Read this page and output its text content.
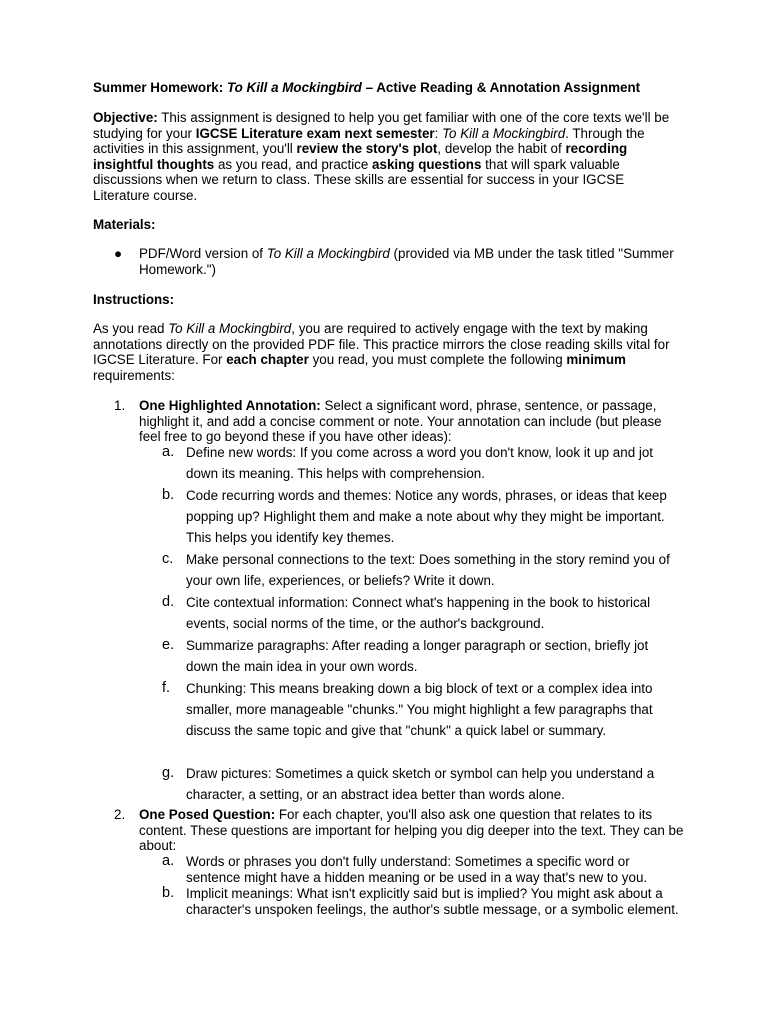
Summer Homework: To Kill a Mockingbird – Active Reading & Annotation Assignment

Objective: This assignment is designed to help you get familiar with one of the core texts we'll be studying for your IGCSE Literature exam next semester: To Kill a Mockingbird. Through the activities in this assignment, you'll review the story's plot, develop the habit of recording insightful thoughts as you read, and practice asking questions that will spark valuable discussions when we return to class. These skills are essential for success in your IGCSE Literature course.

Materials:

● PDF/Word version of To Kill a Mockingbird (provided via MB under the task titled "Summer Homework.")

Instructions:

As you read To Kill a Mockingbird, you are required to actively engage with the text by making annotations directly on the provided PDF file. This practice mirrors the close reading skills vital for IGCSE Literature. For each chapter you read, you must complete the following minimum requirements:

1. One Highlighted Annotation: Select a significant word, phrase, sentence, or passage, highlight it, and add a concise comment or note. Your annotation can include (but please feel free to go beyond these if you have other ideas):

a. Define new words: If you come across a word you don't know, look it up and jot down its meaning. This helps with comprehension.

b. Code recurring words and themes: Notice any words, phrases, or ideas that keep popping up? Highlight them and make a note about why they might be important. This helps you identify key themes.

c. Make personal connections to the text: Does something in the story remind you of your own life, experiences, or beliefs? Write it down.

d. Cite contextual information: Connect what's happening in the book to historical events, social norms of the time, or the author's background.

e. Summarize paragraphs: After reading a longer paragraph or section, briefly jot down the main idea in your own words.

f. Chunking: This means breaking down a big block of text or a complex idea into smaller, more manageable "chunks." You might highlight a few paragraphs that discuss the same topic and give that "chunk" a quick label or summary.

g. Draw pictures: Sometimes a quick sketch or symbol can help you understand a character, a setting, or an abstract idea better than words alone.

2. One Posed Question: For each chapter, you'll also ask one question that relates to its content. These questions are important for helping you dig deeper into the text. They can be about:

a. Words or phrases you don't fully understand: Sometimes a specific word or sentence might have a hidden meaning or be used in a way that's new to you.

b. Implicit meanings: What isn't explicitly said but is implied? You might ask about a character's unspoken feelings, the author's subtle message, or a symbolic element.
